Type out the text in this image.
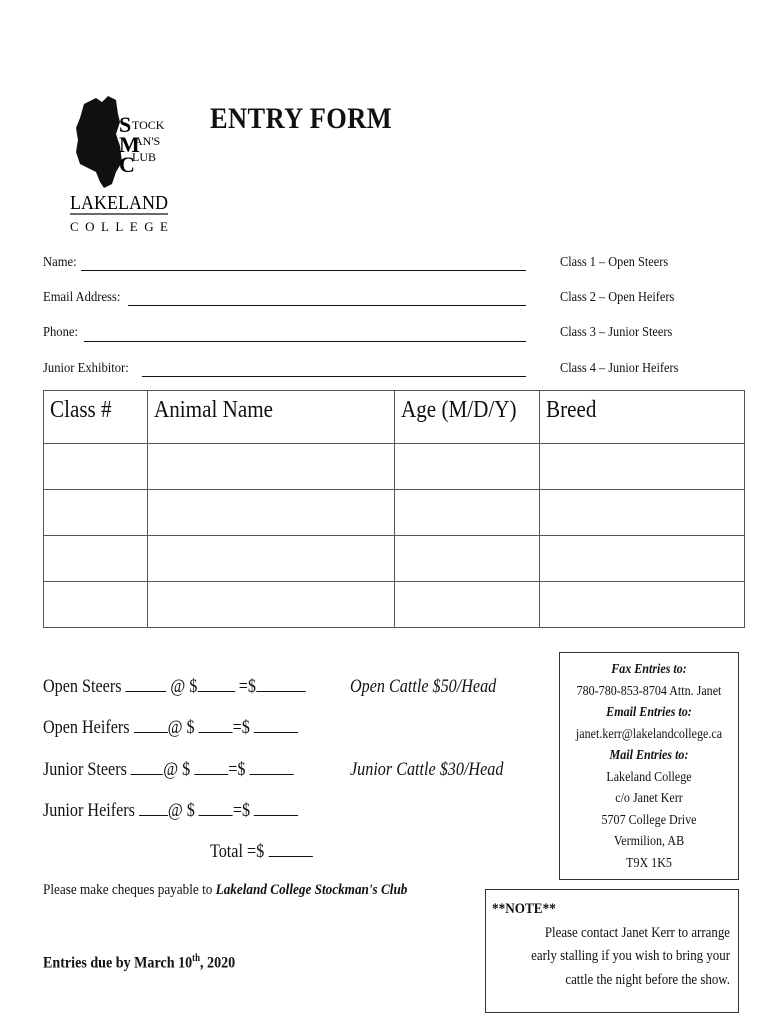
S
M
C
TOCK
AN'S
LUB
LAKELAND
COLLEGE
ENTRY FORM
Name:
Email Address:
Phone:
Junior Exhibitor:
Class 1 – Open Steers
Class 2 – Open Heifers
Class 3 – Junior Steers
Class 4 – Junior Heifers
Class #	Animal Name	Age (M/D/Y)	Breed

Open Steers	@ $ =$
Open Heifers @ $ =$
Junior Steers @ $ =$
Junior Heifers @ $ =$
Total =$
Open Cattle $50/Head
Junior Cattle $30/Head
Please make cheques payable to Lakeland College Stockman's Club
Entries due by March 10th, 2020
Fax Entries to:
780-780-853-8704 Attn. Janet
Email Entries to:
janet.kerr@lakelandcollege.ca
Mail Entries to:
Lakeland College
c/o Janet Kerr
5707 College Drive
Vermilion, AB
T9X 1K5
**NOTE**
Please contact Janet Kerr to arrange
early stalling if you wish to bring your
cattle the night before the show.
